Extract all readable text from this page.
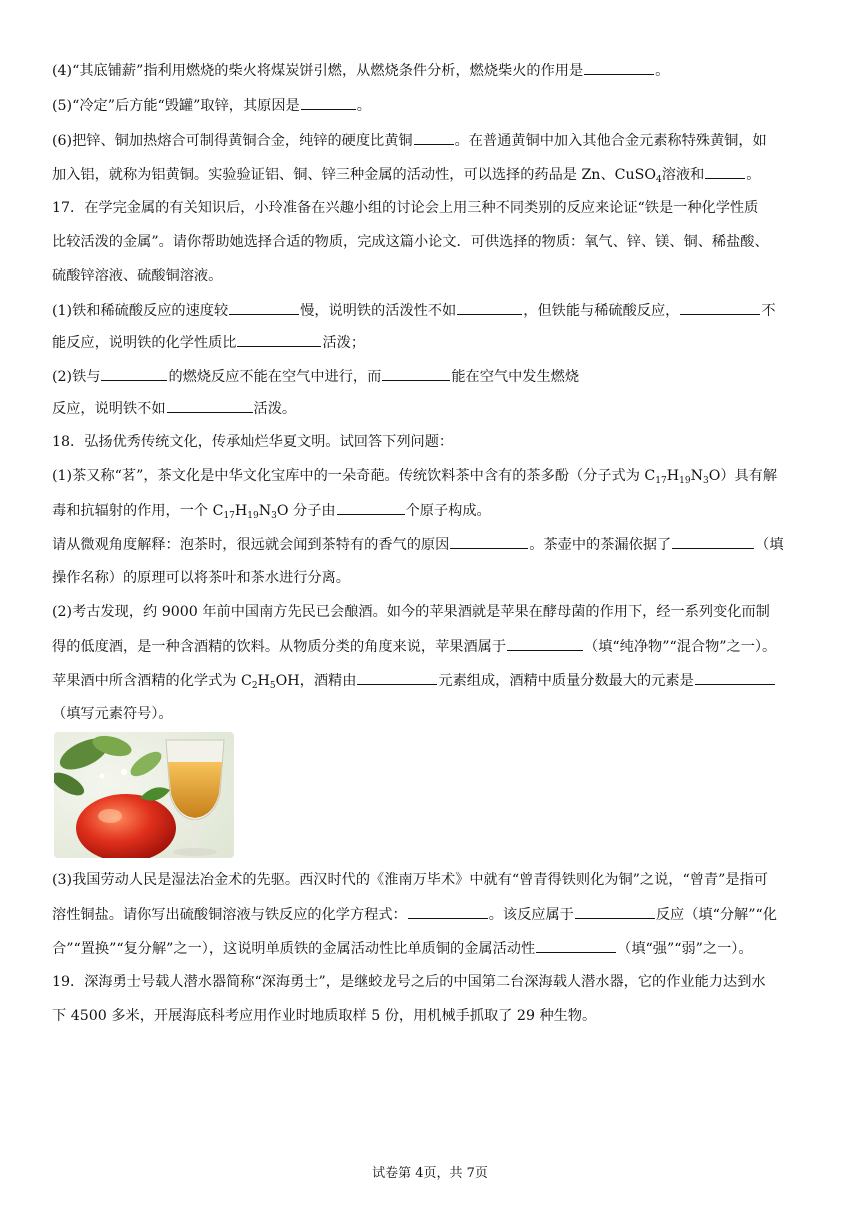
(4)“其底铺薪”指利用燃烧的柴火将煤炭饼引燃，从燃烧条件分析，燃烧柴火的作用是	。
(5)“冷定”后方能“毁罐”取锌，其原因是	。
(6)把锌、铜加热熔合可制得黄铜合金，纯锌的硬度比黄铜	。在普通黄铜中加入其他合金元素称特殊黄铜，如
加入铝，就称为铝黄铜。实验验证铝、铜、锌三种金属的活动性，可以选择的药品是 Zn、CuSO$_4$溶液和	。
17．在学完金属的有关知识后，小玲准备在兴趣小组的讨论会上用三种不同类别的反应来论证“铁是一种化学性质
比较活泼的金属”。请你帮助她选择合适的物质，完成这篇小论文．可供选择的物质：氧气、锌、镁、铜、稀盐酸、
硫酸锌溶液、硫酸铜溶液。
(1)铁和稀硫酸反应的速度较	慢，说明铁的活泼性不如	，但铁能与稀硫酸反应，	不
能反应，说明铁的化学性质比	活泼；
(2)铁与	的燃烧反应不能在空气中进行，而	能在空气中发生燃烧
反应，说明铁不如	活泼。
18．弘扬优秀传统文化，传承灿烂华夏文明。试回答下列问题：
(1)茶又称“茗”，茶文化是中华文化宝库中的一朵奇葩。传统饮料茶中含有的茶多酚（分子式为 $C_{17}H_{19}N_3O$）具有解
毒和抗辐射的作用，一个 $C_{17}H_{19}N_3O$ 分子由	个原子构成。
请从微观角度解释：泡茶时，很远就会闻到茶特有的香气的原因	。茶壶中的茶漏依据了	（填
操作名称）的原理可以将茶叶和茶水进行分离。
(2)考古发现，约 9000 年前中国南方先民已会酿酒。如今的苹果酒就是苹果在酵母菌的作用下，经一系列变化而制
得的低度酒，是一种含酒精的饮料。从物质分类的角度来说，苹果酒属于	（填“纯净物”“混合物”之一）。
苹果酒中所含酒精的化学式为 $C_2H_5OH$，酒精由	元素组成，酒精中质量分数最大的元素是
（填写元素符号）。
(3)我国劳动人民是湿法冶金术的先驱。西汉时代的《淮南万毕术》中就有“曾青得铁则化为铜”之说，“曾青”是指可
溶性铜盐。请你写出硫酸铜溶液与铁反应的化学方程式：	。该反应属于	反应（填“分解”“化
合”“置换”“复分解”之一），这说明单质铁的金属活动性比单质铜的金属活动性	（填“强”“弱”之一）。
19．深海勇士号载人潜水器简称“深海勇士”，是继蛟龙号之后的中国第二台深海载人潜水器，它的作业能力达到水
下 4500 多米，开展海底科考应用作业时地质取样 5 份，用机械手抓取了 29 种生物。
试卷第 4页，共 7页
